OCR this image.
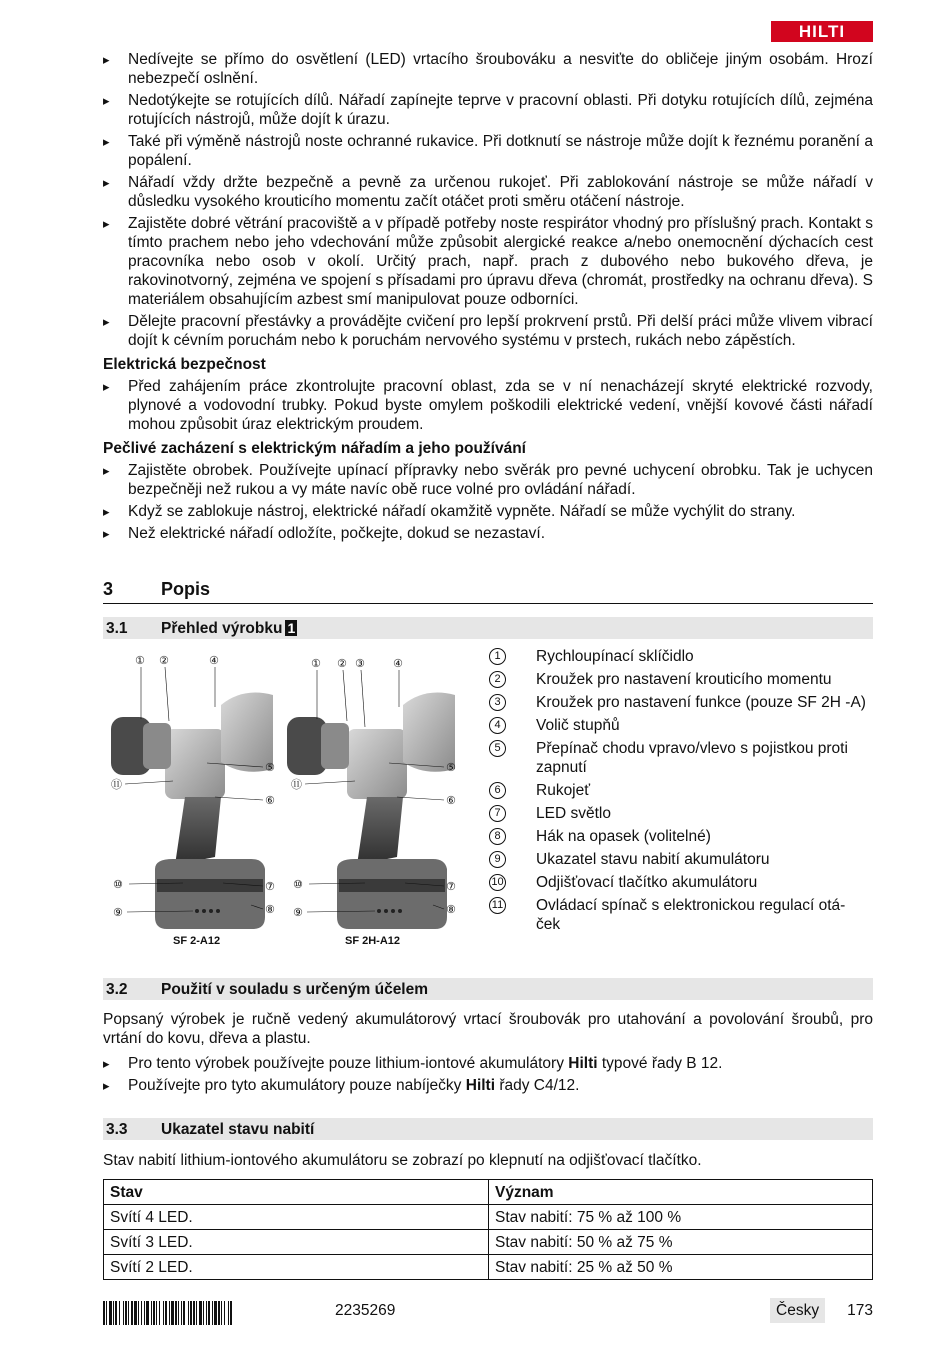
HILTI
▸ Nedívejte se přímo do osvětlení (LED) vrtacího šroubováku a nesviťte do obličeje jiným osobám. Hrozí nebezpečí oslnění.
▸ Nedotýkejte se rotujících dílů. Nářadí zapínejte teprve v pracovní oblasti. Při dotyku rotujících dílů, zejména rotujících nástrojů, může dojít k úrazu.
▸ Také při výměně nástrojů noste ochranné rukavice. Při dotknutí se nástroje může dojít k řeznému poranění a popálení.
▸ Nářadí vždy držte bezpečně a pevně za určenou rukojeť. Při zablokování nástroje se může nářadí v důsledku vysokého krouticího momentu začít otáčet proti směru otáčení nástroje.
▸ Zajistěte dobré větrání pracoviště a v případě potřeby noste respirátor vhodný pro příslušný prach. Kontakt s tímto prachem nebo jeho vdechování může způsobit alergické reakce a/nebo onemocnění dýchacích cest pracovníka nebo osob v okolí. Určitý prach, např. prach z dubového nebo bukového dřeva, je rakovinotvorný, zejména ve spojení s přísadami pro úpravu dřeva (chromát, prostředky na ochranu dřeva). S materiálem obsahujícím azbest smí manipulovat pouze odborníci.
▸ Dělejte pracovní přestávky a provádějte cvičení pro lepší prokrvení prstů. Při delší práci může vlivem vibrací dojít k cévním poruchám nebo k poruchám nervového systému v prstech, rukách nebo zápěstích.
Elektrická bezpečnost
▸ Před zahájením práce zkontrolujte pracovní oblast, zda se v ní nenacházejí skryté elektrické rozvody, plynové a vodovodní trubky. Pokud byste omylem poškodili elektrické vedení, vnější kovové části nářadí mohou způsobit úraz elektrickým proudem.
Pečlivé zacházení s elektrickým nářadím a jeho používání
▸ Zajistěte obrobek. Používejte upínací přípravky nebo svěrák pro pevné uchycení obrobku. Tak je uchycen bezpečněji než rukou a vy máte navíc obě ruce volné pro ovládání nářadí.
▸ Když se zablokuje nástroj, elektrické nářadí okamžitě vypněte. Nářadí se může vychýlit do strany.
▸ Než elektrické nářadí odložíte, počkejte, dokud se nezastaví.
3	Popis
3.1 Přehled výrobku 1
① ②	④
⑤
⑥
⑪
⑦
⑧
⑩
⑨
① ② ③	④
⑤
⑥
⑪
⑦
⑧
⑩
⑨
SF 2-A12	SF 2H-A12
1	Rychloupínací sklíčidlo
2	Kroužek pro nastavení krouticího momentu
3	Kroužek pro nastavení funkce (pouze SF 2H -A)
4	Volič stupňů
5	Přepínač chodu vpravo/vlevo s pojistkou proti zapnutí
6	Rukojeť
7	LED světlo
8	Hák na opasek (volitelné)
9	Ukazatel stavu nabití akumulátoru
10 Odjišťovací tlačítko akumulátoru
11 Ovládací spínač s elektronickou regulací otá-ček
3.2 Použití v souladu s určeným účelem
Popsaný výrobek je ručně vedený akumulátorový vrtací šroubovák pro utahování a povolování šroubů, pro vrtání do kovu, dřeva a plastu.
▸ Pro tento výrobek používejte pouze lithium-iontové akumulátory Hilti typové řady B 12.
▸ Používejte pro tyto akumulátory pouze nabíječky Hilti řady C4/12.
3.3 Ukazatel stavu nabití
Stav nabití lithium-iontového akumulátoru se zobrazí po klepnutí na odjišťovací tlačítko.
Stav	Význam
Svítí 4 LED.	Stav nabití: 75 % až 100 %
Svítí 3 LED.	Stav nabití: 50 % až 75 %
Svítí 2 LED.	Stav nabití: 25 % až 50 %
2235269	Česky	173
